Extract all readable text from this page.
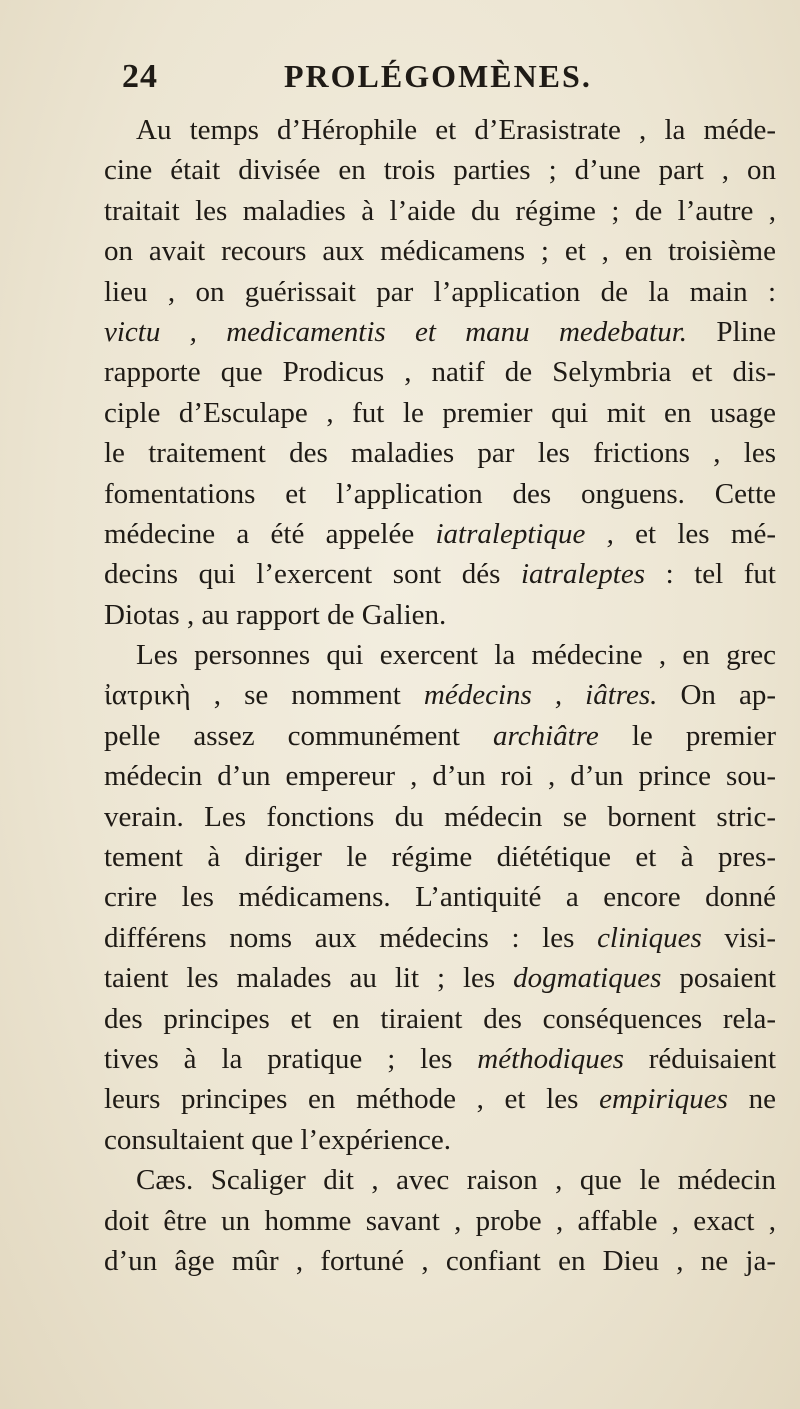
24	PROLÉGOMÈNES.
Au temps d’Hérophile et d’Erasistrate , la méde-
cine était divisée en trois parties ; d’une part , on
traitait les maladies à l’aide du régime ; de l’autre ,
on avait recours aux médicamens ; et , en troisième
lieu , on guérissait par l’application de la main :
victu , medicamentis et manu medebatur. Pline
rapporte que Prodicus , natif de Selymbria et dis-
ciple d’Esculape , fut le premier qui mit en usage
le traitement des maladies par les frictions , les
fomentations et l’application des onguens. Cette
médecine a été appelée iatraleptique , et les mé-
decins qui l’exercent sont dés iatraleptes : tel fut
Diotas , au rapport de Galien.
Les personnes qui exercent la médecine , en grec
ἰατρικὴ , se nomment médecins , iâtres. On ap-
pelle assez communément archiâtre le premier
médecin d’un empereur , d’un roi , d’un prince sou-
verain. Les fonctions du médecin se bornent stric-
tement à diriger le régime diététique et à pres-
crire les médicamens. L’antiquité a encore donné
différens noms aux médecins : les cliniques visi-
taient les malades au lit ; les dogmatiques posaient
des principes et en tiraient des conséquences rela-
tives à la pratique ; les méthodiques réduisaient
leurs principes en méthode , et les empiriques ne
consultaient que l’expérience.
Cæs. Scaliger dit , avec raison , que le médecin
doit être un homme savant , probe , affable , exact ,
d’un âge mûr , fortuné , confiant en Dieu , ne ja-
